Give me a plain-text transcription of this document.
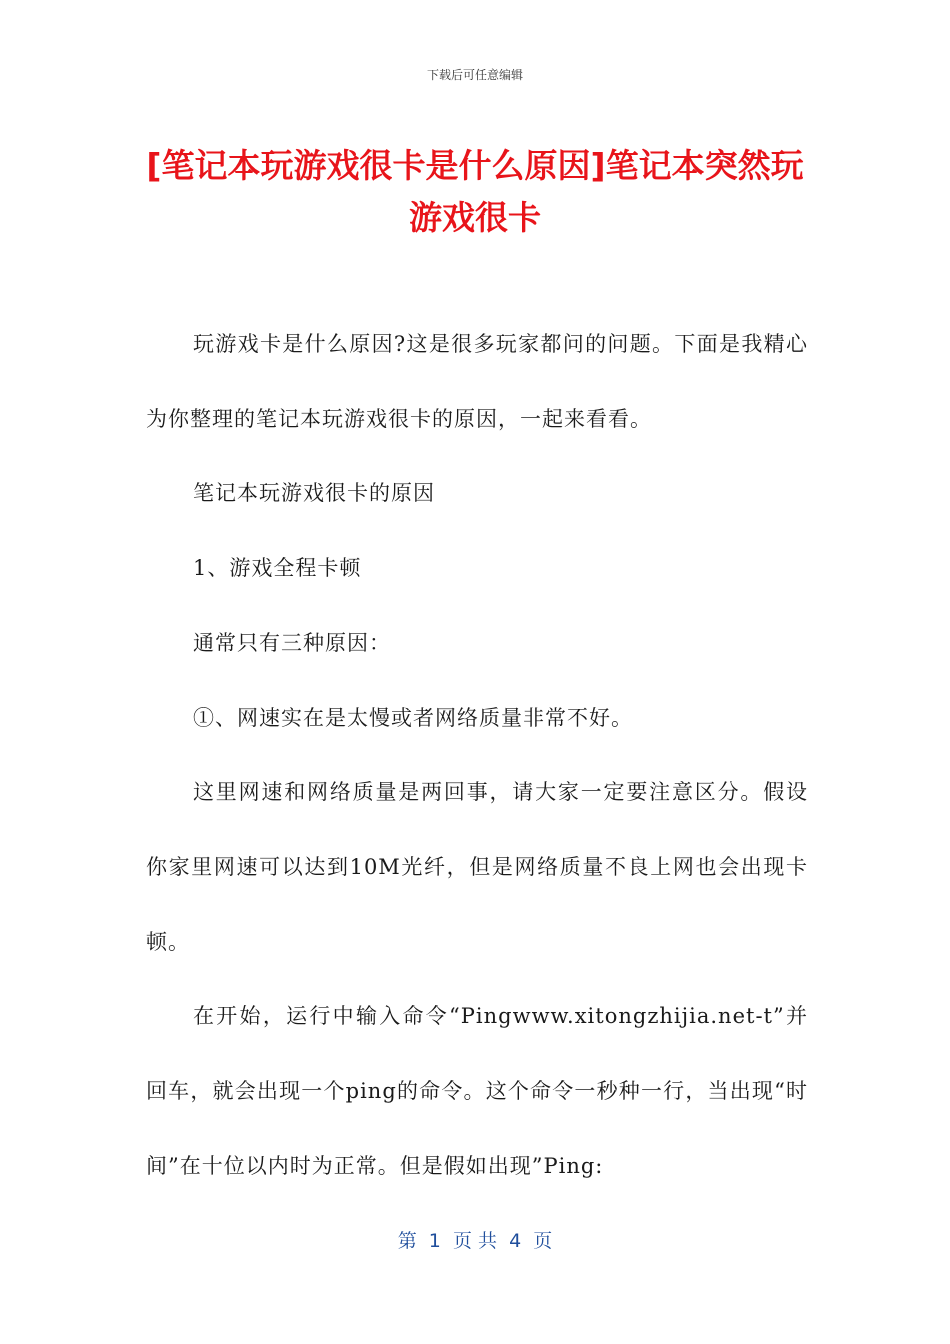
下载后可任意编辑
[笔记本玩游戏很卡是什么原因]笔记本突然玩游戏很卡

玩游戏卡是什么原因?这是很多玩家都问的问题。下面是我精心为你整理的笔记本玩游戏很卡的原因，一起来看看。

笔记本玩游戏很卡的原因

1、游戏全程卡顿

通常只有三种原因：

①、网速实在是太慢或者网络质量非常不好。

这里网速和网络质量是两回事，请大家一定要注意区分。假设你家里网速可以达到10M光纤，但是网络质量不良上网也会出现卡顿。

在开始，运行中输入命令“Pingwww.xitongzhijia.net-t”并回车，就会出现一个ping的命令。这个命令一秒种一行，当出现“时间”在十位以内时为正常。但是假如出现”Ping:

第  1  页 共  4  页
